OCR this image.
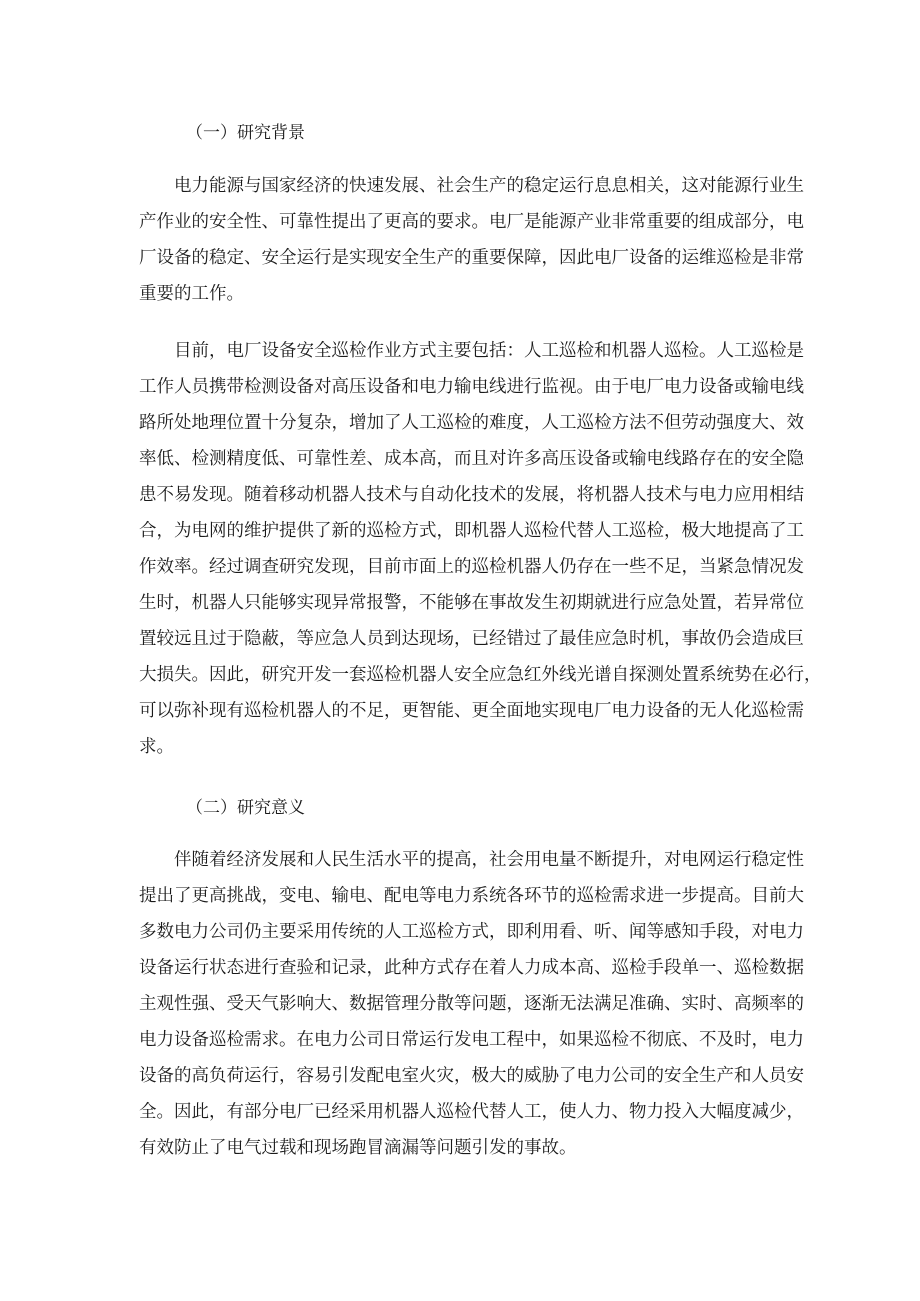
（一）研究背景
电力能源与国家经济的快速发展、社会生产的稳定运行息息相关，这对能源行业生
产作业的安全性、可靠性提出了更高的要求。电厂是能源产业非常重要的组成部分，电
厂设备的稳定、安全运行是实现安全生产的重要保障，因此电厂设备的运维巡检是非常
重要的工作。
目前，电厂设备安全巡检作业方式主要包括：人工巡检和机器人巡检。人工巡检是
工作人员携带检测设备对高压设备和电力输电线进行监视。由于电厂电力设备或输电线
路所处地理位置十分复杂，增加了人工巡检的难度，人工巡检方法不但劳动强度大、效
率低、检测精度低、可靠性差、成本高，而且对许多高压设备或输电线路存在的安全隐
患不易发现。随着移动机器人技术与自动化技术的发展，将机器人技术与电力应用相结
合，为电网的维护提供了新的巡检方式，即机器人巡检代替人工巡检，极大地提高了工
作效率。经过调查研究发现，目前市面上的巡检机器人仍存在一些不足，当紧急情况发
生时，机器人只能够实现异常报警，不能够在事故发生初期就进行应急处置，若异常位
置较远且过于隐蔽，等应急人员到达现场，已经错过了最佳应急时机，事故仍会造成巨
大损失。因此，研究开发一套巡检机器人安全应急红外线光谱自探测处置系统势在必行，
可以弥补现有巡检机器人的不足，更智能、更全面地实现电厂电力设备的无人化巡检需
求。
（二）研究意义
伴随着经济发展和人民生活水平的提高，社会用电量不断提升，对电网运行稳定性
提出了更高挑战，变电、输电、配电等电力系统各环节的巡检需求进一步提高。目前大
多数电力公司仍主要采用传统的人工巡检方式，即利用看、听、闻等感知手段，对电力
设备运行状态进行查验和记录，此种方式存在着人力成本高、巡检手段单一、巡检数据
主观性强、受天气影响大、数据管理分散等问题，逐渐无法满足准确、实时、高频率的
电力设备巡检需求。在电力公司日常运行发电工程中，如果巡检不彻底、不及时，电力
设备的高负荷运行，容易引发配电室火灾，极大的威胁了电力公司的安全生产和人员安
全。因此，有部分电厂已经采用机器人巡检代替人工，使人力、物力投入大幅度减少，
有效防止了电气过载和现场跑冒滴漏等问题引发的事故。
